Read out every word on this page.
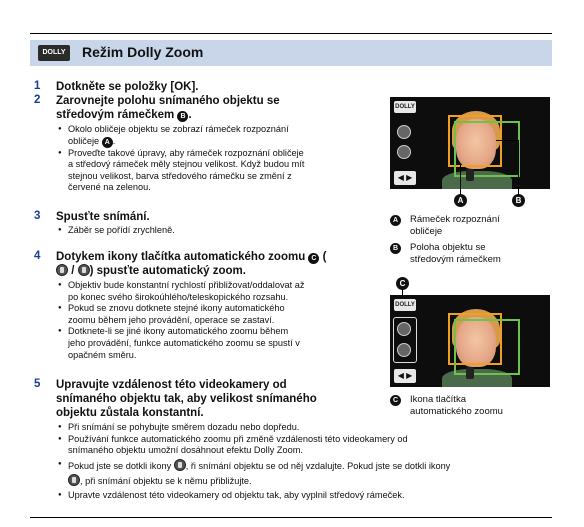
DOLLY	Režim Dolly Zoom
1 Dotkněte se položky [OK].
2 Zarovnejte polohu snímaného objektu se
středovým rámečkem B .
● Okolo obličeje objektu se zobrazí rámeček rozpoznání
obličeje A .
● Proveďte takové úpravy, aby rámeček rozpoznání obličeje
a středový rámeček měly stejnou velikost. Když budou mít
stejnou velikost, barva středového rámečku se změní z
červené na zelenou.
3 Spusťte snímání.
● Záběr se pořídí zrychleně.
4 Dotykem ikony tlačítka automatického zoomu C (
/ ) spusťte automatický zoom.
● Objektiv bude konstantní rychlostí přibližovat/oddalovat až
po konec svého širokoúhlého/teleskopického rozsahu.
● Pokud se znovu dotknete stejné ikony automatického
zoomu během jeho provádění, operace se zastaví.
● Dotknete-li se jiné ikony automatického zoomu během
jeho provádění, funkce automatického zoomu se spustí v
opačném směru.
5 Upravujte vzdálenost této videokamery od
snímaného objektu tak, aby velikost snímaného
objektu zůstala konstantní.
● Při snímání se pohybujte směrem dozadu nebo dopředu.
● Používání funkce automatického zoomu při změně vzdálenosti této videokamery od
snímaného objektu umožní dosáhnout efektu Dolly Zoom.
● Pokud jste se dotkli ikony , ři snímání objektu se od něj vzdalujte. Pokud jste se dotkli ikony
, při snímání objektu se k němu přibližujte.
● Upravte vzdálenost této videokamery od objektu tak, aby vyplnil středový rámeček.
DOLLY
◀ ▶
A	B
A	Rámeček rozpoznání
obličeje
B	Poloha objektu se
středovým rámečkem
C
DOLLY
◀ ▶
C	Ikona tlačítka
automatického zoomu
